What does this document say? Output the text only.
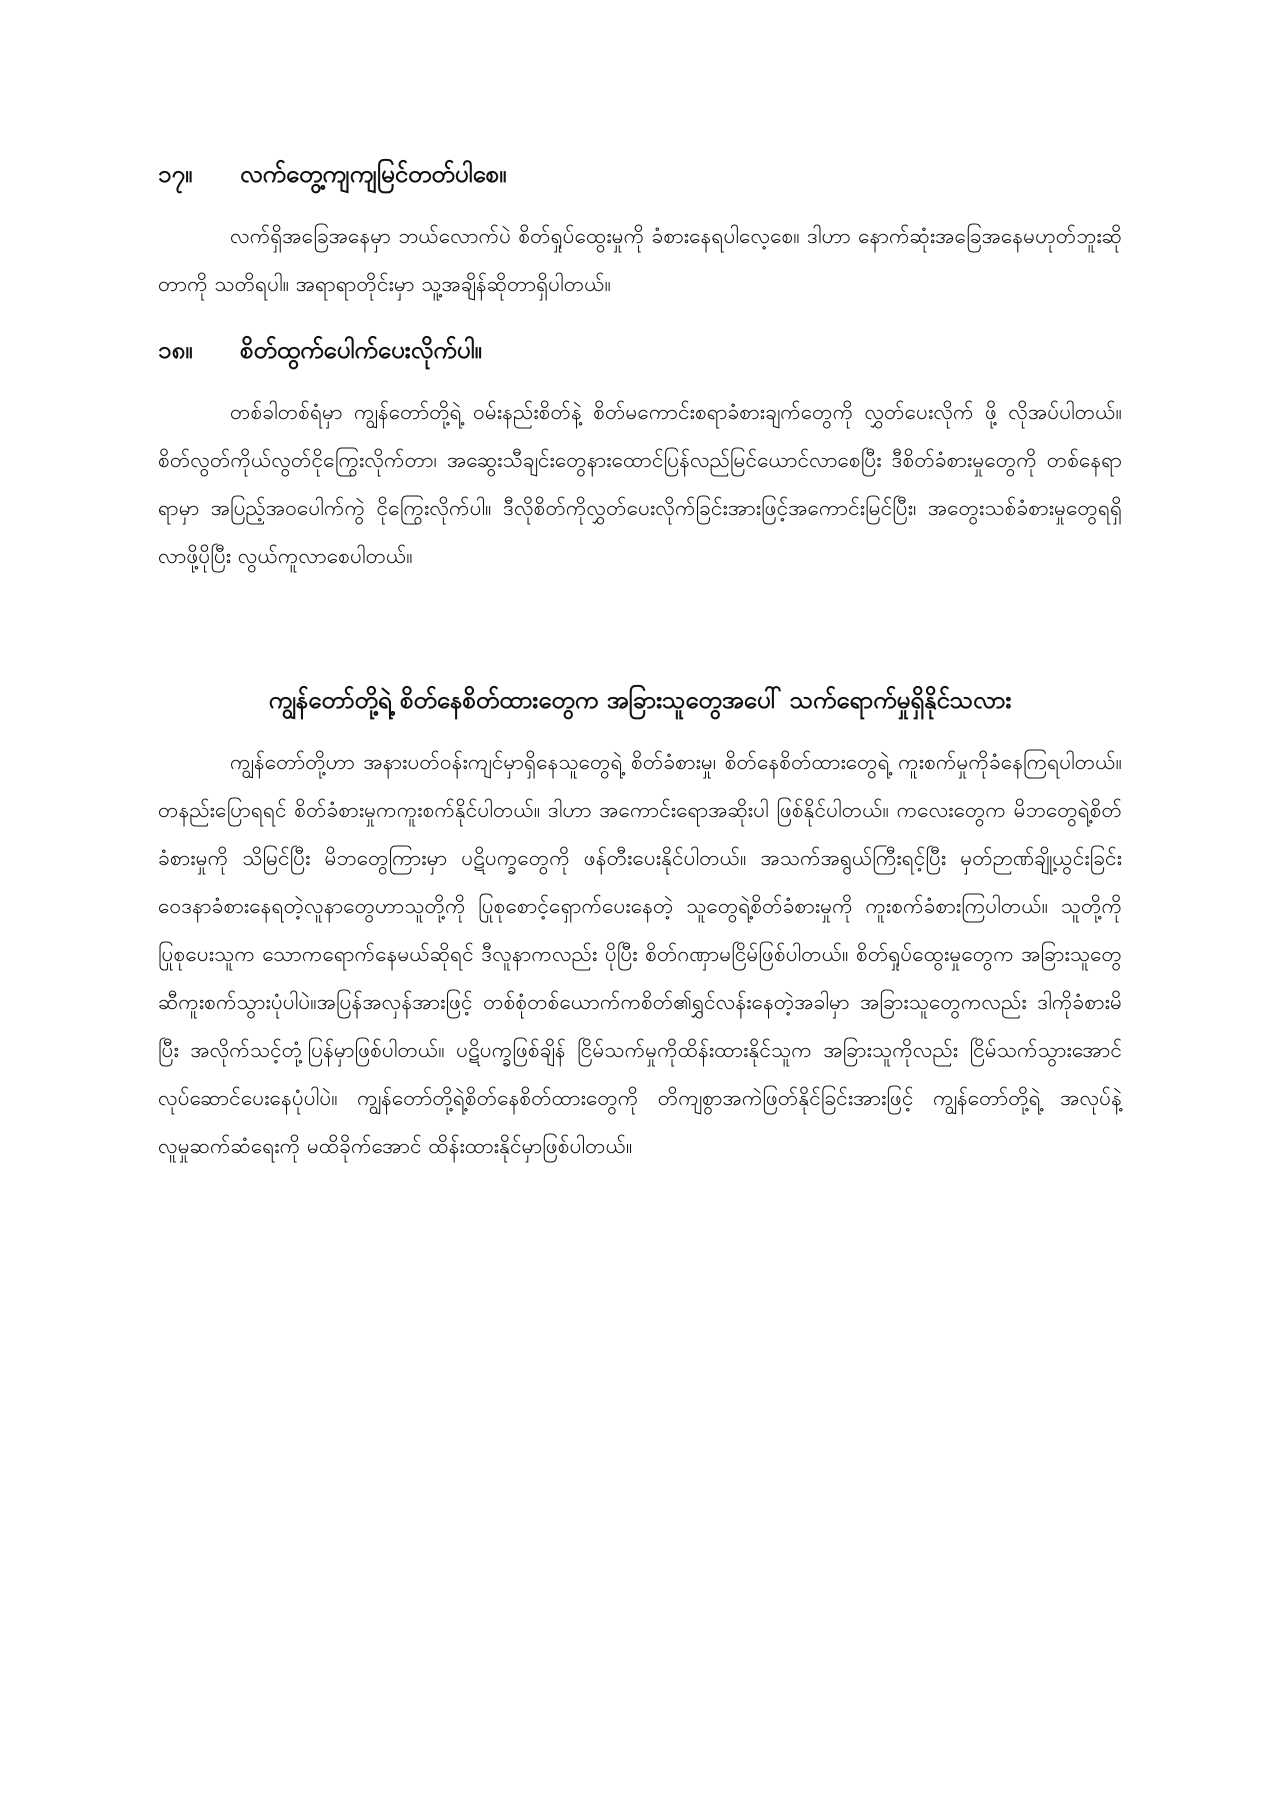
၁၇။	လက်တွေ့ကျကျမြင်တတ်ပါစေ။

လက်ရှိအခြေအနေမှာ ဘယ်လောက်ပဲ စိတ်ရှုပ်ထွေးမှုကို ခံစားနေရပါလေ့စေ။ ဒါဟာ နောက်ဆုံးအခြေအနေမဟုတ်ဘူးဆိုတာကို သတိရပါ။ အရာရာတိုင်းမှာ သူ့အချိန်ဆိုတာရှိပါတယ်။

၁၈။	စိတ်ထွက်ပေါက်ပေးလိုက်ပါ။

တစ်ခါတစ်ရံမှာ ကျွန်တော်တို့ရဲ့ ဝမ်းနည်းစိတ်နဲ့ စိတ်မကောင်းစရာခံစားချက်တွေကို လွှတ်ပေးလိုက် ဖို့ လိုအပ်ပါတယ်။ စိတ်လွတ်ကိုယ်လွတ်ငိုကြွေးလိုက်တာ၊ အဆွေးသီချင်းတွေနားထောင်ပြန်လည်မြင်ယောင်လာစေပြီး ဒီစိတ်ခံစားမှုတွေကို တစ်နေရာရာမှာ အပြည့်အဝပေါက်ကွဲ ငိုကြွေးလိုက်ပါ။ ဒီလိုစိတ်ကိုလွှတ်ပေးလိုက်ခြင်းအားဖြင့်အကောင်းမြင်ပြီး၊ အတွေးသစ်ခံစားမှုတွေရရှိလာဖို့ပိုပြီး လွယ်ကူလာစေပါတယ်။

ကျွန်တော်တို့ရဲ့ စိတ်နေစိတ်ထားတွေက အခြားသူတွေအပေါ် သက်ရောက်မှုရှိနိုင်သလား

ကျွန်တော်တို့ဟာ အနားပတ်ဝန်းကျင်မှာရှိနေသူတွေရဲ့ စိတ်ခံစားမှု၊ စိတ်နေစိတ်ထားတွေရဲ့ ကူးစက်မှုကိုခံနေကြရပါတယ်။ တနည်းပြောရရင် စိတ်ခံစားမှုကကူးစက်နိုင်ပါတယ်။ ဒါဟာ အကောင်းရောအဆိုးပါ ဖြစ်နိုင်ပါတယ်။ ကလေးတွေက မိဘတွေရဲ့စိတ်ခံစားမှုကို သိမြင်ပြီး မိဘတွေကြားမှာ ပဋိပက္ခတွေကို ဖန်တီးပေးနိုင်ပါတယ်။ အသက်အရွယ်ကြီးရင့်ပြီး မှတ်ဉာဏ်ချို့ယွင်းခြင်း ဝေဒနာခံစားနေရတဲ့လူနာတွေဟာသူတို့ကို ပြုစုစောင့်ရှောက်ပေးနေတဲ့ သူတွေရဲ့စိတ်ခံစားမှုကို ကူးစက်ခံစားကြပါတယ်။ သူတို့ကိုပြုစုပေးသူက သောကရောက်နေမယ်ဆိုရင် ဒီလူနာကလည်း ပိုပြီး စိတ်ဂဏှာမငြိမ်ဖြစ်ပါတယ်။ စိတ်ရှုပ်ထွေးမှုတွေက အခြားသူတွေဆီကူးစက်သွားပုံပါပဲ။အပြန်အလှန်အားဖြင့် တစ်စုံတစ်ယောက်ကစိတ်၏ရွှင်လန်းနေတဲ့အခါမှာ အခြားသူတွေကလည်း ဒါကိုခံစားမိပြီး အလိုက်သင့်တုံ့ပြန်မှာဖြစ်ပါတယ်။ ပဋိပက္ခဖြစ်ချိန် ငြိမ်သက်မှုကိုထိန်းထားနိုင်သူက အခြားသူကိုလည်း ငြိမ်သက်သွားအောင် လုပ်ဆောင်ပေးနေပုံပါပဲ။ ကျွန်တော်တို့ရဲ့စိတ်နေစိတ်ထားတွေကို တိကျစွာအကဲဖြတ်နိုင်ခြင်းအားဖြင့် ကျွန်တော်တို့ရဲ့ အလုပ်နဲ့ လူမှုဆက်ဆံရေးကို မထိခိုက်အောင် ထိန်းထားနိုင်မှာဖြစ်ပါတယ်။
